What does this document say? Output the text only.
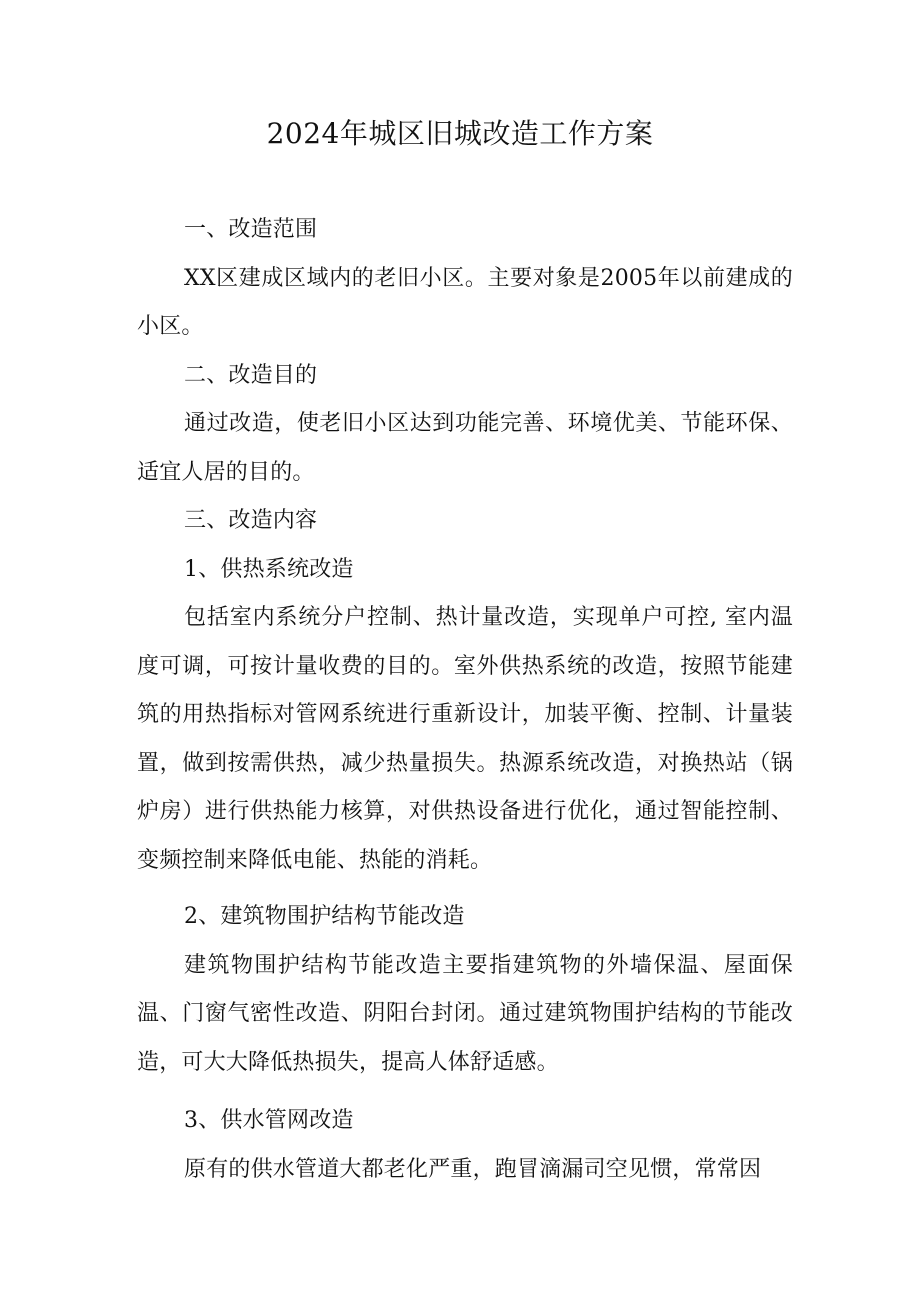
2024年城区旧城改造工作方案

一、改造范围

XX区建成区域内的老旧小区。主要对象是2005年以前建成的小区。

二、改造目的

通过改造，使老旧小区达到功能完善、环境优美、节能环保、适宜人居的目的。

三、改造内容

1、供热系统改造

包括室内系统分户控制、热计量改造，实现单户可控, 室内温度可调，可按计量收费的目的。室外供热系统的改造，按照节能建筑的用热指标对管网系统进行重新设计，加装平衡、控制、计量装置，做到按需供热，减少热量损失。热源系统改造，对换热站（锅炉房）进行供热能力核算，对供热设备进行优化，通过智能控制、变频控制来降低电能、热能的消耗。

2、建筑物围护结构节能改造

建筑物围护结构节能改造主要指建筑物的外墙保温、屋面保温、门窗气密性改造、阴阳台封闭。通过建筑物围护结构的节能改造，可大大降低热损失，提高人体舒适感。

3、供水管网改造

原有的供水管道大都老化严重，跑冒滴漏司空见惯，常常因
